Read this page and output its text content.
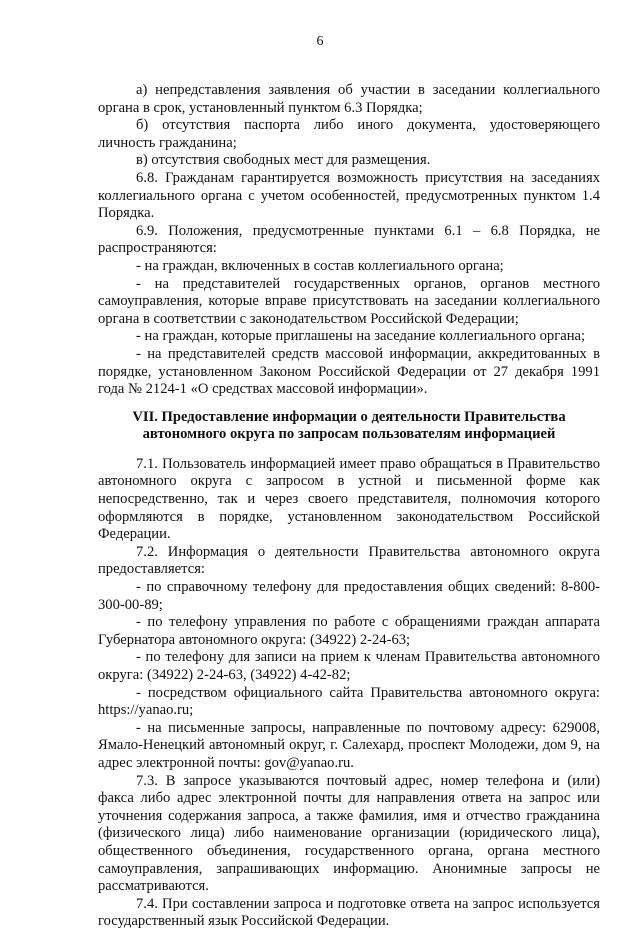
6

а) непредставления заявления об участии в заседании коллегиального органа в срок, установленный пунктом 6.3 Порядка;

б) отсутствия паспорта либо иного документа, удостоверяющего личность гражданина;

в) отсутствия свободных мест для размещения.

6.8. Гражданам гарантируется возможность присутствия на заседаниях коллегиального органа с учетом особенностей, предусмотренных пунктом 1.4 Порядка.

6.9. Положения, предусмотренные пунктами 6.1 – 6.8 Порядка, не распространяются:

- на граждан, включенных в состав коллегиального органа;

- на представителей государственных органов, органов местного самоуправления, которые вправе присутствовать на заседании коллегиального органа в соответствии с законодательством Российской Федерации;

- на граждан, которые приглашены на заседание коллегиального органа;

- на представителей средств массовой информации, аккредитованных в порядке, установленном Законом Российской Федерации от 27 декабря 1991 года № 2124-1 «О средствах массовой информации».

VII. Предоставление информации о деятельности Правительства автономного округа по запросам пользователям информацией

7.1. Пользователь информацией имеет право обращаться в Правительство автономного округа с запросом в устной и письменной форме как непосредственно, так и через своего представителя, полномочия которого оформляются в порядке, установленном законодательством Российской Федерации.

7.2. Информация о деятельности Правительства автономного округа предоставляется:

- по справочному телефону для предоставления общих сведений: 8-800-300-00-89;

- по телефону управления по работе с обращениями граждан аппарата Губернатора автономного округа: (34922) 2-24-63;

- по телефону для записи на прием к членам Правительства автономного округа: (34922) 2-24-63, (34922) 4-42-82;

- посредством официального сайта Правительства автономного округа: https://yanao.ru;

- на письменные запросы, направленные по почтовому адресу: 629008, Ямало-Ненецкий автономный округ, г. Салехард, проспект Молодежи, дом 9, на адрес электронной почты: gov@yanao.ru.

7.3. В запросе указываются почтовый адрес, номер телефона и (или) факса либо адрес электронной почты для направления ответа на запрос или уточнения содержания запроса, а также фамилия, имя и отчество гражданина (физического лица) либо наименование организации (юридического лица), общественного объединения, государственного органа, органа местного самоуправления, запрашивающих информацию. Анонимные запросы не рассматриваются.

7.4. При составлении запроса и подготовке ответа на запрос используется государственный язык Российской Федерации.
